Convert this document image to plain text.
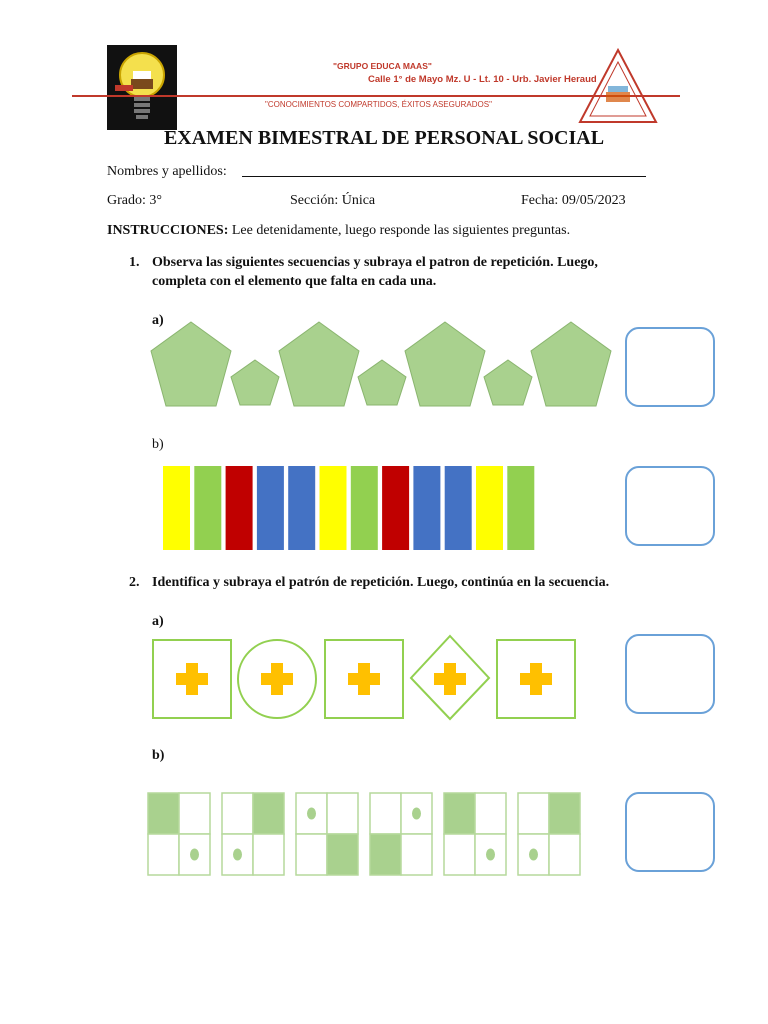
"GRUPO EDUCA MAAS"
Calle 1° de Mayo Mz. U - Lt. 10 - Urb. Javier Heraud
"CONOCIMIENTOS COMPARTIDOS, ÉXITOS ASEGURADOS"
EXAMEN BIMESTRAL DE PERSONAL SOCIAL
Nombres y apellidos:
Grado: 3°	Sección: Única	Fecha: 09/05/2023
INSTRUCCIONES: Lee detenidamente, luego responde las siguientes preguntas.
1. Observa las siguientes secuencias y subraya el patron de repetición. Luego,
completa con el elemento que falta en cada una.
a)
b)
2. Identifica y subraya el patrón de repetición. Luego, continúa en la secuencia.
a)
b)
